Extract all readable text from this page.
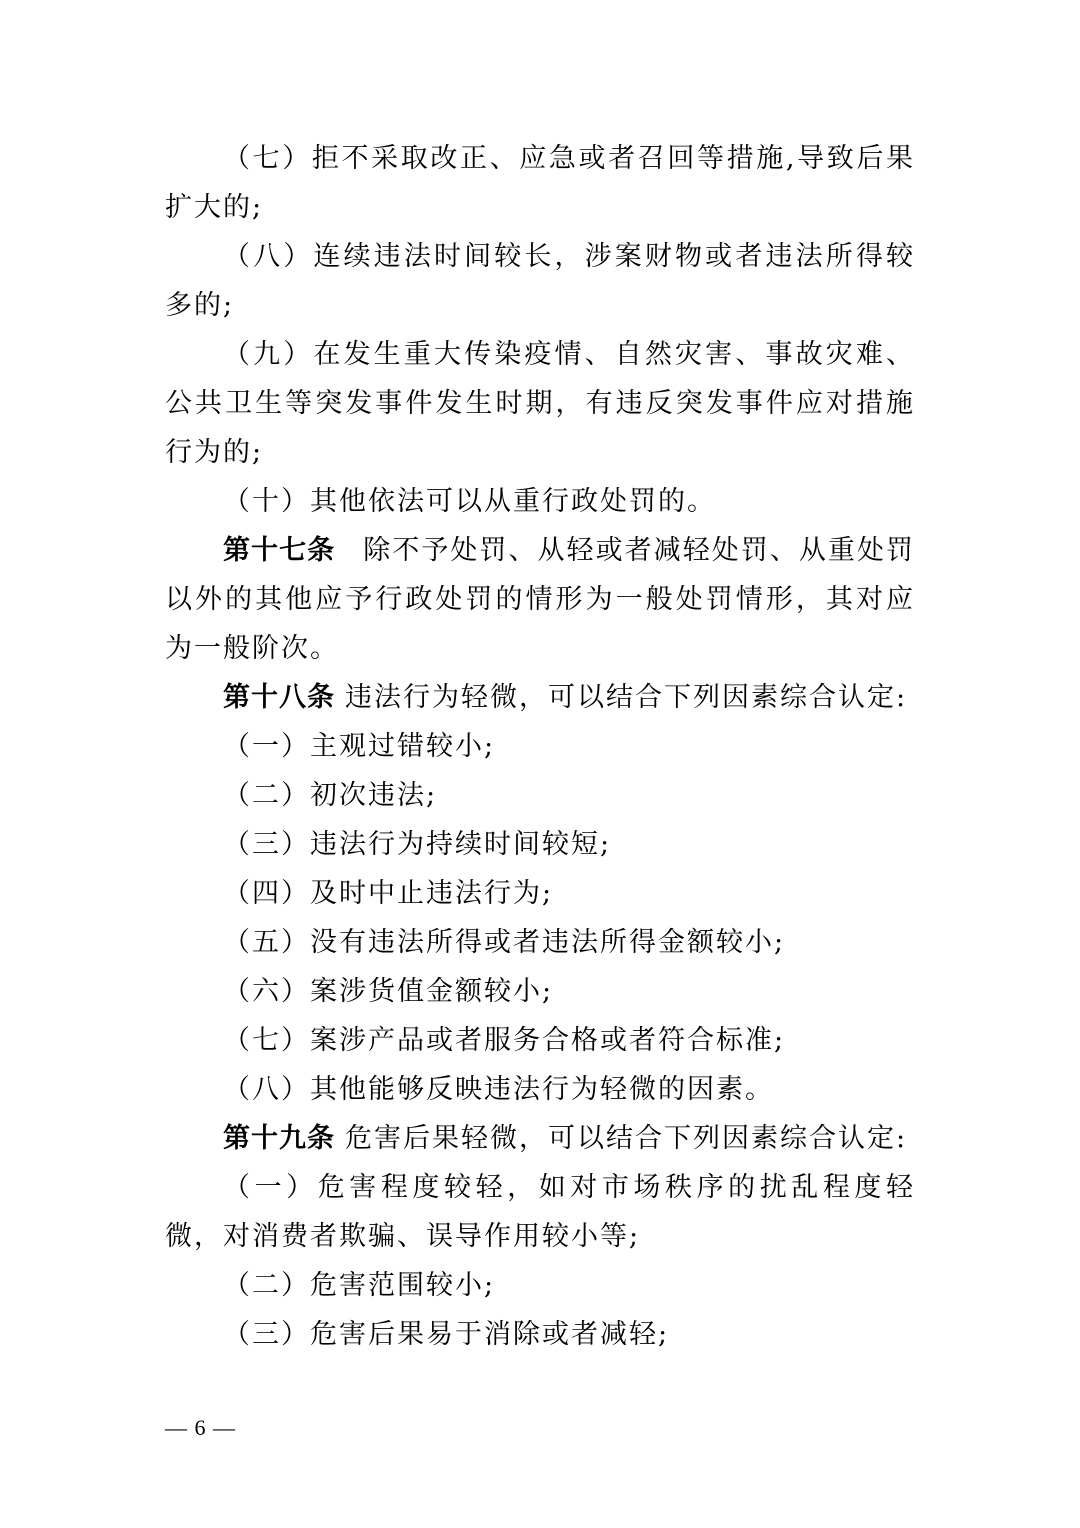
（七）拒不采取改正、应急或者召回等措施,导致后果扩大的;

（八）连续违法时间较长，涉案财物或者违法所得较多的;

（九）在发生重大传染疫情、自然灾害、事故灾难、公共卫生等突发事件发生时期，有违反突发事件应对措施行为的;

（十）其他依法可以从重行政处罚的。

第十七条 除不予处罚、从轻或者减轻处罚、从重处罚以外的其他应予行政处罚的情形为一般处罚情形，其对应为一般阶次。

第十八条 违法行为轻微，可以结合下列因素综合认定:

（一）主观过错较小;

（二）初次违法;

（三）违法行为持续时间较短;

（四）及时中止违法行为;

（五）没有违法所得或者违法所得金额较小;

（六）案涉货值金额较小;

（七）案涉产品或者服务合格或者符合标准;

（八）其他能够反映违法行为轻微的因素。

第十九条 危害后果轻微，可以结合下列因素综合认定:

（一）危害程度较轻，如对市场秩序的扰乱程度轻微，对消费者欺骗、误导作用较小等;

（二）危害范围较小;

（三）危害后果易于消除或者减轻;

— 6 —
